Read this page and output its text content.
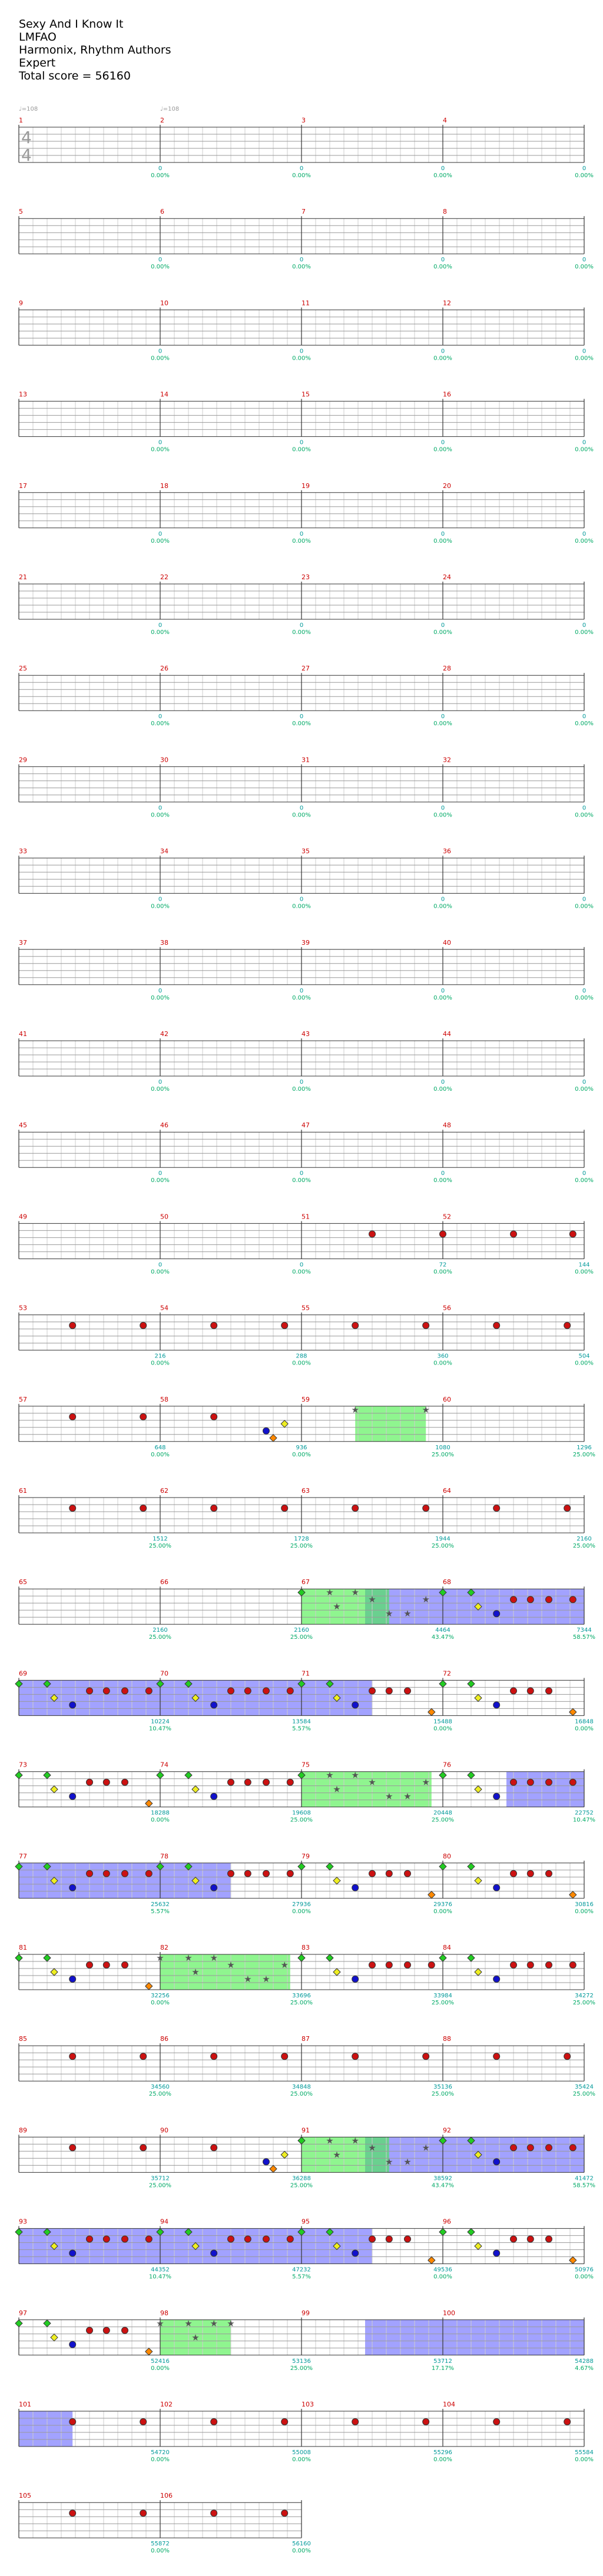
Sexy And I Know It
LMFAO
Harmonix, Rhythm Authors
Expert
Total score = 56160
♩=108	♩=108
4
4
1
0
0.00%
2
0
0.00%
3
0
0.00%
4
0
0.00%
5
0
0.00%
6
0
0.00%
7
0
0.00%
8
0
0.00%
9
0
0.00%
10
0
0.00%
11
0
0.00%
12
0
0.00%
13
0
0.00%
14
0
0.00%
15
0
0.00%
16
0
0.00%
17
0
0.00%
18
0
0.00%
19
0
0.00%
20
0
0.00%
21
0
0.00%
22
0
0.00%
23
0
0.00%
24
0
0.00%
25
0
0.00%
26
0
0.00%
27
0
0.00%
28
0
0.00%
29
0
0.00%
30
0
0.00%
31
0
0.00%
32
0
0.00%
33
0
0.00%
34
0
0.00%
35
0
0.00%
36
0
0.00%
37
0
0.00%
38
0
0.00%
39
0
0.00%
40
0
0.00%
41
0
0.00%
42
0
0.00%
43
0
0.00%
44
0
0.00%
45
0
0.00%
46
0
0.00%
47
0
0.00%
48
0
0.00%
49
0
0.00%
50
0
0.00%
51
72
0.00%
52
144
0.00%
53
216
0.00%
54
288
0.00%
55
360
0.00%
56
504
0.00%
57
648
0.00%
58
936
0.00%
59
1080
25.00%
60
1296
25.00%
★	★
61
1512
25.00%
62
1728
25.00%
63
1944
25.00%
64
2160
25.00%
65
2160
25.00%
66
2160
25.00%
67
4464
43.47%
68
7344
58.57%
★
★
★
★
★ ★
★
69
10224
10.47%
70
13584
5.57%
71
15488
0.00%
72
16848
0.00%
73
18288
0.00%
74
19608
25.00%
75
20448
25.00%
76
22752
10.47%
★
★
★
★
★ ★
★
77
25632
5.57%
78
27936
0.00%
79
29376
0.00%
80
30816
0.00%
81
32256
0.00%
82
33696
25.00%
83
33984
25.00%
84
34272
25.00%
★ ★
★
★
★
★ ★
★
85
34560
25.00%
86
34848
25.00%
87
35136
25.00%
88
35424
25.00%
89
35712
25.00%
90
36288
25.00%
91
38592
43.47%
92
41472
58.57%
★
★
★
★
★ ★
★
93
44352
10.47%
94
47232
5.57%
95
49536
0.00%
96
50976
0.00%
97
52416
0.00%
98
53136
25.00%
99
53712
17.17%
100
54288
4.67%
★ ★
★
★ ★
101
54720
0.00%
102
55008
0.00%
103
55296
0.00%
104
55584
0.00%
105
55872
0.00%
106
56160
0.00%
